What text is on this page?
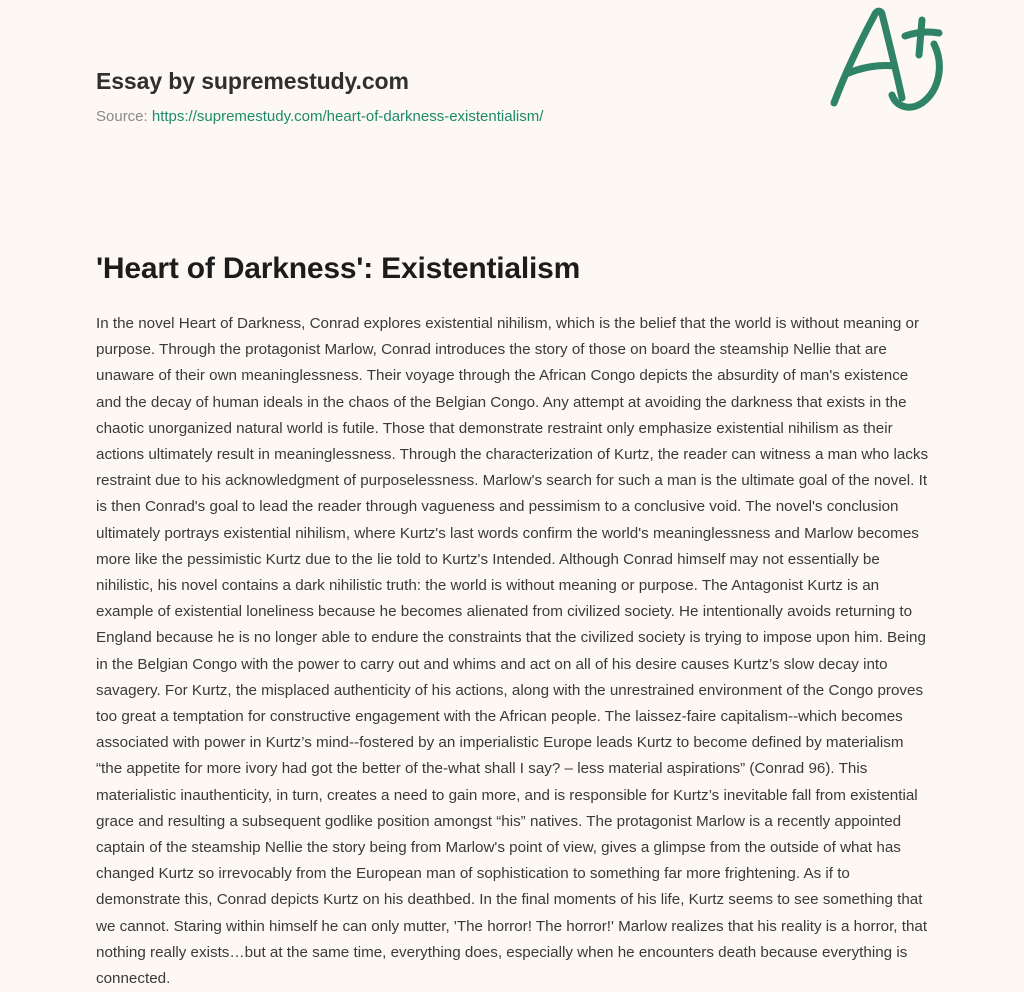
Essay by supremestudy.com
Source: https://supremestudy.com/heart-of-darkness-existentialism/
'Heart of Darkness': Existentialism
In the novel Heart of Darkness, Conrad explores existential nihilism, which is the belief that the world is without meaning or purpose. Through the protagonist Marlow, Conrad introduces the story of those on board the steamship Nellie that are unaware of their own meaninglessness. Their voyage through the African Congo depicts the absurdity of man's existence and the decay of human ideals in the chaos of the Belgian Congo. Any attempt at avoiding the darkness that exists in the chaotic unorganized natural world is futile. Those that demonstrate restraint only emphasize existential nihilism as their actions ultimately result in meaninglessness. Through the characterization of Kurtz, the reader can witness a man who lacks restraint due to his acknowledgment of purposelessness. Marlow's search for such a man is the ultimate goal of the novel. It is then Conrad's goal to lead the reader through vagueness and pessimism to a conclusive void. The novel's conclusion ultimately portrays existential nihilism, where Kurtz's last words confirm the world's meaninglessness and Marlow becomes more like the pessimistic Kurtz due to the lie told to Kurtz's Intended. Although Conrad himself may not essentially be nihilistic, his novel contains a dark nihilistic truth: the world is without meaning or purpose. The Antagonist Kurtz is an example of existential loneliness because he becomes alienated from civilized society. He intentionally avoids returning to England because he is no longer able to endure the constraints that the civilized society is trying to impose upon him. Being in the Belgian Congo with the power to carry out and whims and act on all of his desire causes Kurtz’s slow decay into savagery. For Kurtz, the misplaced authenticity of his actions, along with the unrestrained environment of the Congo proves too great a temptation for constructive engagement with the African people. The laissez-faire capitalism--which becomes associated with power in Kurtz’s mind--fostered by an imperialistic Europe leads Kurtz to become defined by materialism “the appetite for more ivory had got the better of the-what shall I say? – less material aspirations” (Conrad 96). This materialistic inauthenticity, in turn, creates a need to gain more, and is responsible for Kurtz’s inevitable fall from existential grace and resulting a subsequent godlike position amongst “his” natives. The protagonist Marlow is a recently appointed captain of the steamship Nellie the story being from Marlow's point of view, gives a glimpse from the outside of what has changed Kurtz so irrevocably from the European man of sophistication to something far more frightening. As if to demonstrate this, Conrad depicts Kurtz on his deathbed. In the final moments of his life, Kurtz seems to see something that we cannot. Staring within himself he can only mutter, 'The horror! The horror!' Marlow realizes that his reality is a horror, that nothing really exists…but at the same time, everything does, especially when he encounters death because everything is connected.
